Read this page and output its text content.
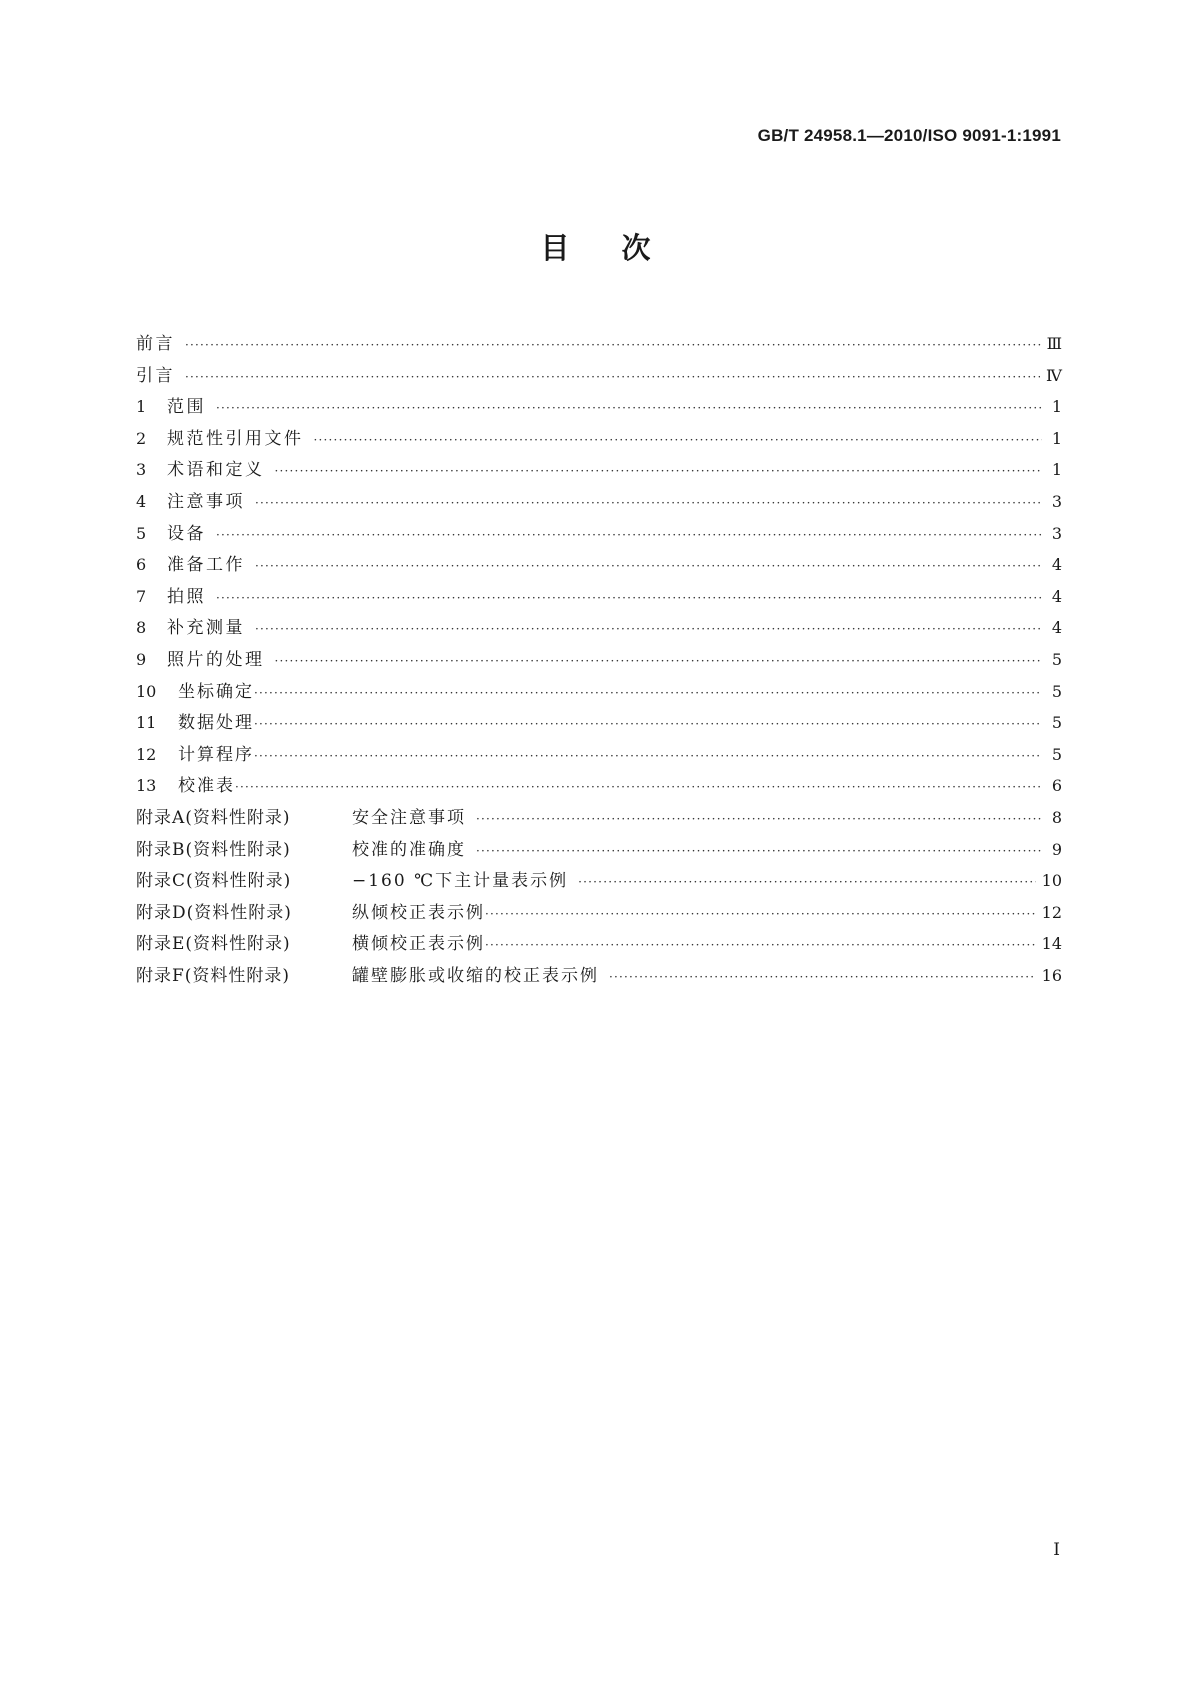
GB/T 24958.1—2010/ISO 9091-1:1991
目次
前言 ·····	Ⅲ
引言 ·····	Ⅳ
1	范围 ·····	1
2	规范性引用文件 ·····	1
3	术语和定义 ·····	1
4	注意事项 ·····	3
5	设备 ·····	3
6	准备工作 ·····	4
7	拍照 ·····	4
8	补充测量 ·····	4
9	照片的处理 ·····	5
10	坐标确定 ·····	5
11	数据处理 ·····	5
12	计算程序 ·····	5
13	校准表 ·····	6
附录A(资料性附录)	安全注意事项 ·····	8
附录B(资料性附录)	校准的准确度 ·····	9
附录C(资料性附录)	−160 ℃下主计量表示例 ·····	10
附录D(资料性附录)	纵倾校正表示例 ·····	12
附录E(资料性附录)	横倾校正表示例 ·····	14
附录F(资料性附录)	罐壁膨胀或收缩的校正表示例 ·····	16
I
